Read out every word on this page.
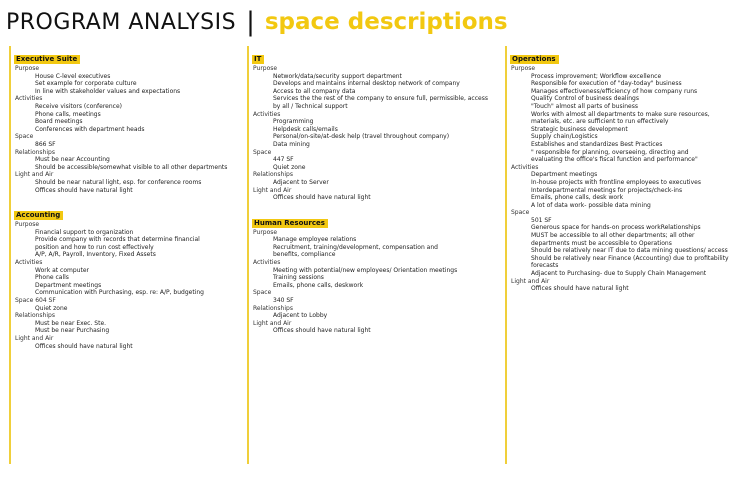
PROGRAM ANALYSIS | space descriptions
Executive Suite
Purpose
House C-level executives
Set example for corporate culture
In line with stakeholder values and expectations
Activities
Receive visitors (conference)
Phone calls, meetings
Board meetings
Conferences with department heads
Space
866 SF
Relationships
Must be near Accounting
Should be accessible/somewhat visible to all other departments
Light and Air
Should be near natural light, esp. for conference rooms
Offices should have natural light
Accounting
Purpose
Financial support to organization
Provide company with records that determine financial
position and how to run cost effectively
A/P, A/R, Payroll, Inventory, Fixed Assets
Activities
Work at computer
Phone calls
Department meetings
Communication with Purchasing, esp. re: A/P, budgeting
Space 604 SF
Quiet zone
Relationships
Must be near Exec. Ste.
Must be near Purchasing
Light and Air
Offices should have natural light
IT
Purpose
Network/data/security support department
Develops and maintains internal desktop network of company
Access to all company data
Services the the rest of the company to ensure full, permissible, access
by all / Technical support
Activities
Programming
Helpdesk calls/emails
Personal/on-site/at-desk help (travel throughout company)
Data mining
Space
447 SF
Quiet zone
Relationships
Adjacent to Server
Light and Air
Offices should have natural light
Human Resources
Purpose
Manage employee relations
Recruitment, training/development, compensation and
benefits, compliance
Activities
Meeting with potential/new employees/ Orientation meetings
Training sessions
Emails, phone calls, deskwork
Space
340 SF
Relationships
Adjacent to Lobby
Light and Air
Offices should have natural light
Operations
Purpose
Process improvement; Workflow excellence
Responsible for execution of "day-today" business
Manages effectiveness/efficiency of how company runs
Quality Control of business dealings
"Touch" almost all parts of business
Works with almost all departments to make sure resources,
materials, etc. are sufficient to run effectively
Strategic business development
Supply chain/Logistics
Establishes and standardizes Best Practices
" responsible for planning, overseeing, directing and
evaluating the office's fiscal function and performance"
Activities
Department meetings
In-house projects with frontline employees to executives
Interdepartmental meetings for projects/check-ins
Emails, phone calls, desk work
A lot of data work- possible data mining
Space
501 SF
Generous space for hands-on process workRelationships
MUST be accessible to all other departments; all other
departments must be accessible to Operations
Should be relatively near IT due to data mining questions/ access
Should be relatively near Finance (Accounting) due to profitability
forecasts
Adjacent to Purchasing- due to Supply Chain Management
Light and Air
Offices should have natural light
